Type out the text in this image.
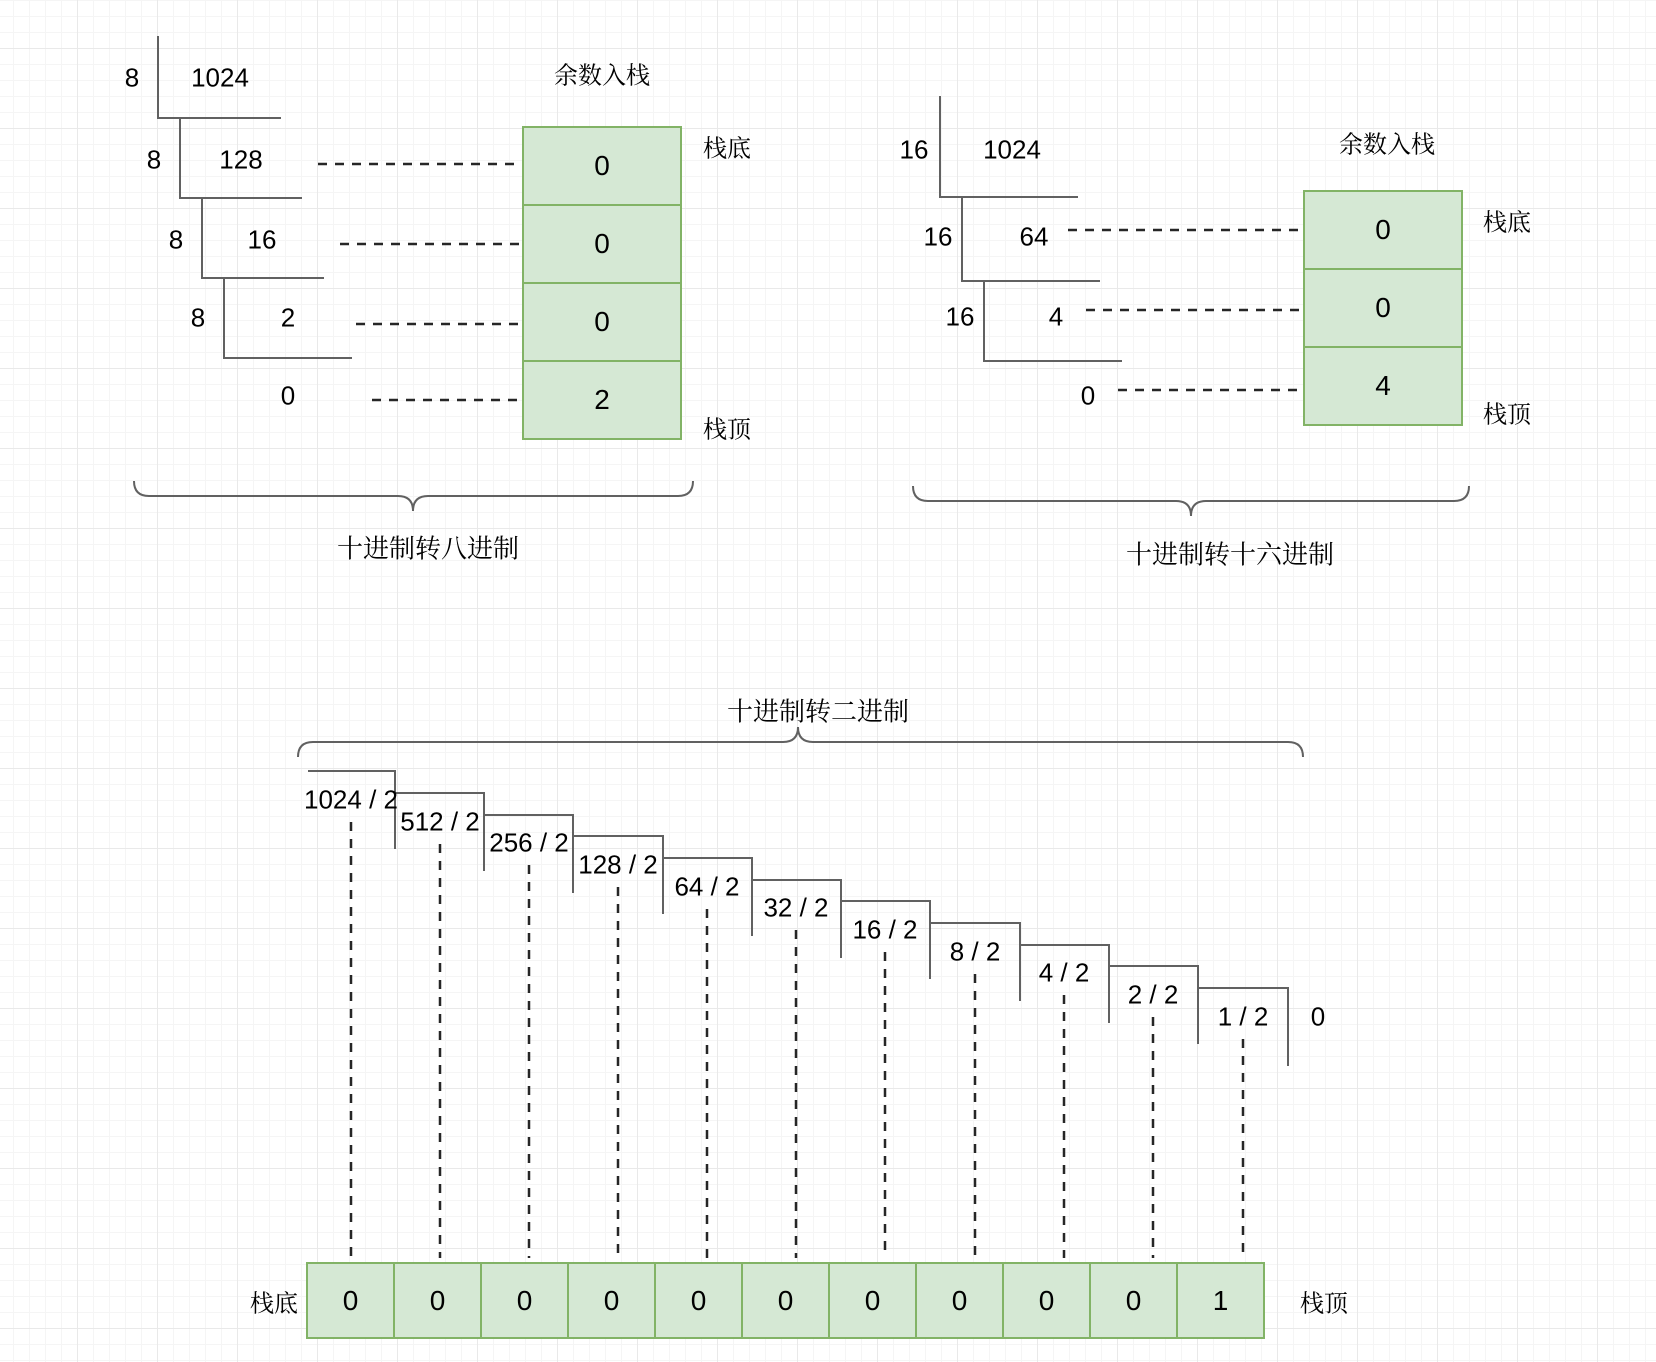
8 1024
8 128
8 16
8	2
0
余数入栈
0
0
0
2
栈底
栈顶
十进制转八进制
16 1024
16	64
16	4
0
余数入栈
0
0
4
栈底
栈顶
十进制转十六进制
十进制转二进制
1024 / 2
512 / 2
256 / 2
128 / 2
64 / 2
32 / 2
16 / 2
8 / 2
4 / 2
2 / 2
1 / 2 0
栈底	0	0	0	0	0	0	0	0	0	0	1	栈顶
